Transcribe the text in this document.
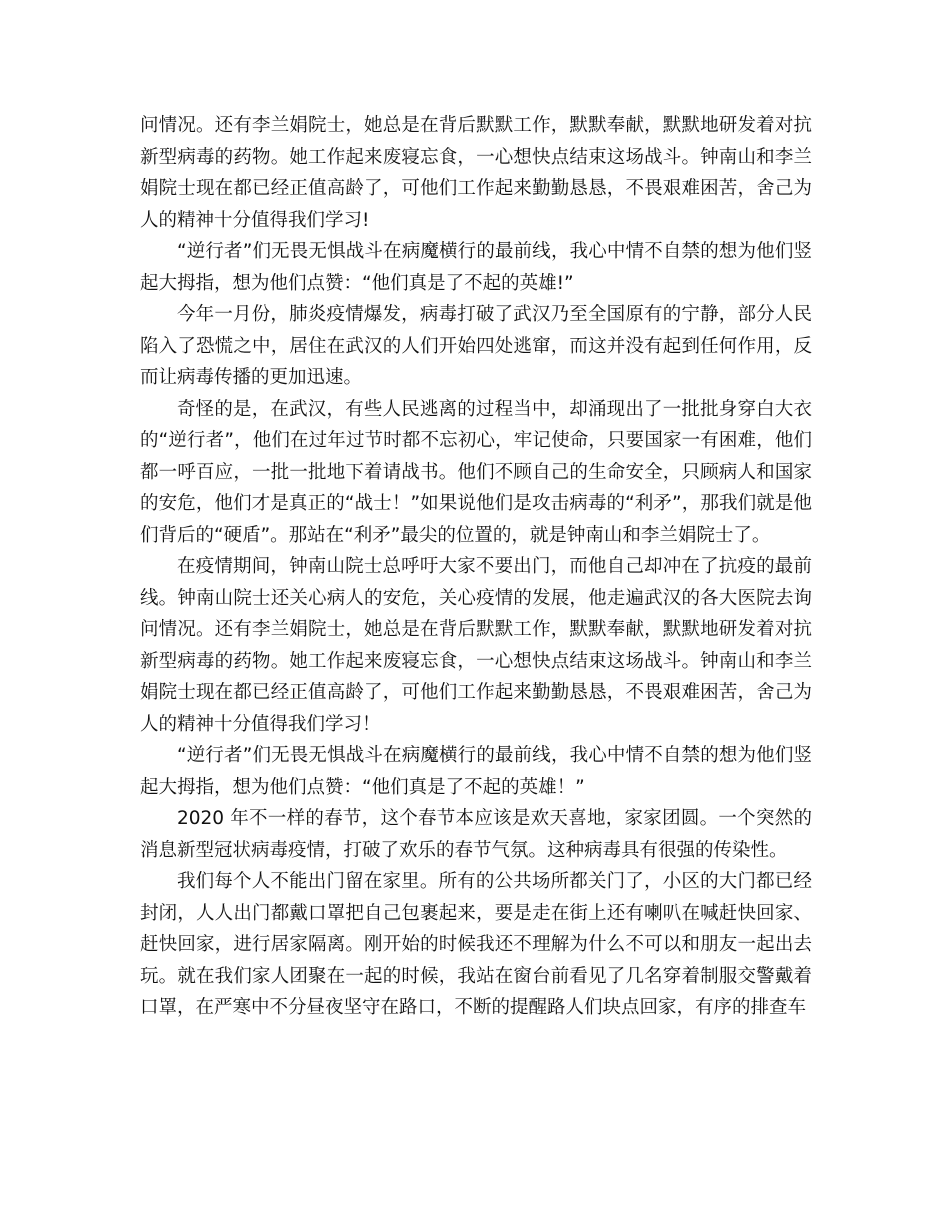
问情况。还有李兰娟院士，她总是在背后默默工作，默默奉献，默默地研发着对抗新型病毒的药物。她工作起来废寝忘食，一心想快点结束这场战斗。钟南山和李兰娟院士现在都已经正值高龄了，可他们工作起来勤勤恳恳，不畏艰难困苦，舍己为人的精神十分值得我们学习!

“逆行者”们无畏无惧战斗在病魔横行的最前线，我心中情不自禁的想为他们竖起大拇指，想为他们点赞：“他们真是了不起的英雄!”

今年一月份，肺炎疫情爆发，病毒打破了武汉乃至全国原有的宁静，部分人民陷入了恐慌之中，居住在武汉的人们开始四处逃窜，而这并没有起到任何作用，反而让病毒传播的更加迅速。

奇怪的是，在武汉，有些人民逃离的过程当中，却涌现出了一批批身穿白大衣的“逆行者”，他们在过年过节时都不忘初心，牢记使命，只要国家一有困难，他们都一呼百应，一批一批地下着请战书。他们不顾自己的生命安全，只顾病人和国家的安危，他们才是真正的“战士！”如果说他们是攻击病毒的“利矛”，那我们就是他们背后的“硬盾”。那站在“利矛”最尖的位置的，就是钟南山和李兰娟院士了。

在疫情期间，钟南山院士总呼吁大家不要出门，而他自己却冲在了抗疫的最前线。钟南山院士还关心病人的安危，关心疫情的发展，他走遍武汉的各大医院去询问情况。还有李兰娟院士，她总是在背后默默工作，默默奉献，默默地研发着对抗新型病毒的药物。她工作起来废寝忘食，一心想快点结束这场战斗。钟南山和李兰娟院士现在都已经正值高龄了，可他们工作起来勤勤恳恳，不畏艰难困苦，舍己为人的精神十分值得我们学习！

“逆行者”们无畏无惧战斗在病魔横行的最前线，我心中情不自禁的想为他们竖起大拇指，想为他们点赞：“他们真是了不起的英雄！”

2020 年不一样的春节，这个春节本应该是欢天喜地，家家团圆。一个突然的消息新型冠状病毒疫情，打破了欢乐的春节气氛。这种病毒具有很强的传染性。

我们每个人不能出门留在家里。所有的公共场所都关门了，小区的大门都已经封闭，人人出门都戴口罩把自己包裹起来，要是走在街上还有喇叭在喊赶快回家、赶快回家，进行居家隔离。刚开始的时候我还不理解为什么不可以和朋友一起出去玩。就在我们家人团聚在一起的时候，我站在窗台前看见了几名穿着制服交警戴着口罩，在严寒中不分昼夜坚守在路口，不断的提醒路人们块点回家，有序的排查车
